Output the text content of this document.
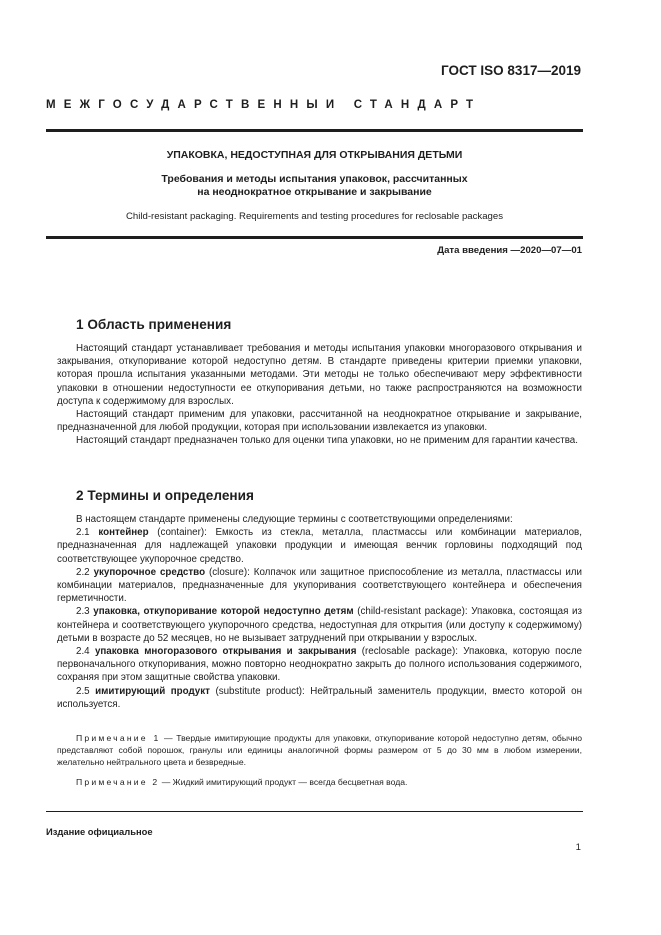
ГОСТ ISO 8317—2019
МЕЖГОСУДАРСТВЕННЫЙ СТАНДАРТ
УПАКОВКА, НЕДОСТУПНАЯ ДЛЯ ОТКРЫВАНИЯ ДЕТЬМИ
Требования и методы испытания упаковок, рассчитанных
на неоднократное открывание и закрывание
Child-resistant packaging. Requirements and testing procedures for reclosable packages
Дата введения —2020—07—01
1 Область применения

Настоящий стандарт устанавливает требования и методы испытания упаковки многоразового открывания и закрывания, откупоривание которой недоступно детям. В стандарте приведены критерии приемки упаковки, которая прошла испытания указанными методами. Эти методы не только обеспечивают меру эффективности упаковки в отношении недоступности ее откупоривания детьми, но также распространяются на возможности доступа к содержимому для взрослых.

Настоящий стандарт применим для упаковки, рассчитанной на неоднократное открывание и закрывание, предназначенной для любой продукции, которая при использовании извлекается из упаковки.

Настоящий стандарт предназначен только для оценки типа упаковки, но не применим для гарантии качества.

2 Термины и определения

В настоящем стандарте применены следующие термины с соответствующими определениями:

2.1 контейнер (container): Емкость из стекла, металла, пластмассы или комбинации материалов, предназначенная для надлежащей упаковки продукции и имеющая венчик горловины подходящий под соответствующее укупорочное средство.

2.2 укупорочное средство (closure): Колпачок или защитное приспособление из металла, пластмассы или комбинации материалов, предназначенные для укупоривания соответствующего контейнера и обеспечения герметичности.

2.3 упаковка, откупоривание которой недоступно детям (child-resistant package): Упаковка, состоящая из контейнера и соответствующего укупорочного средства, недоступная для открытия (или доступу к содержимому) детьми в возрасте до 52 месяцев, но не вызывает затруднений при открывании у взрослых.

2.4 упаковка многоразового открывания и закрывания (reclosable package): Упаковка, которую после первоначального откупоривания, можно повторно неоднократно закрыть до полного использования содержимого, сохраняя при этом защитные свойства упаковки.

2.5 имитирующий продукт (substitute product): Нейтральный заменитель продукции, вместо которой он используется.

Примечание 1 — Твердые имитирующие продукты для упаковки, откупоривание которой недоступно детям, обычно представляют собой порошок, гранулы или единицы аналогичной формы размером от 5 до 30 мм в любом измерении, желательно нейтрального цвета и безвредные.

Примечание 2 — Жидкий имитирующий продукт — всегда бесцветная вода.

Издание официальное
1
